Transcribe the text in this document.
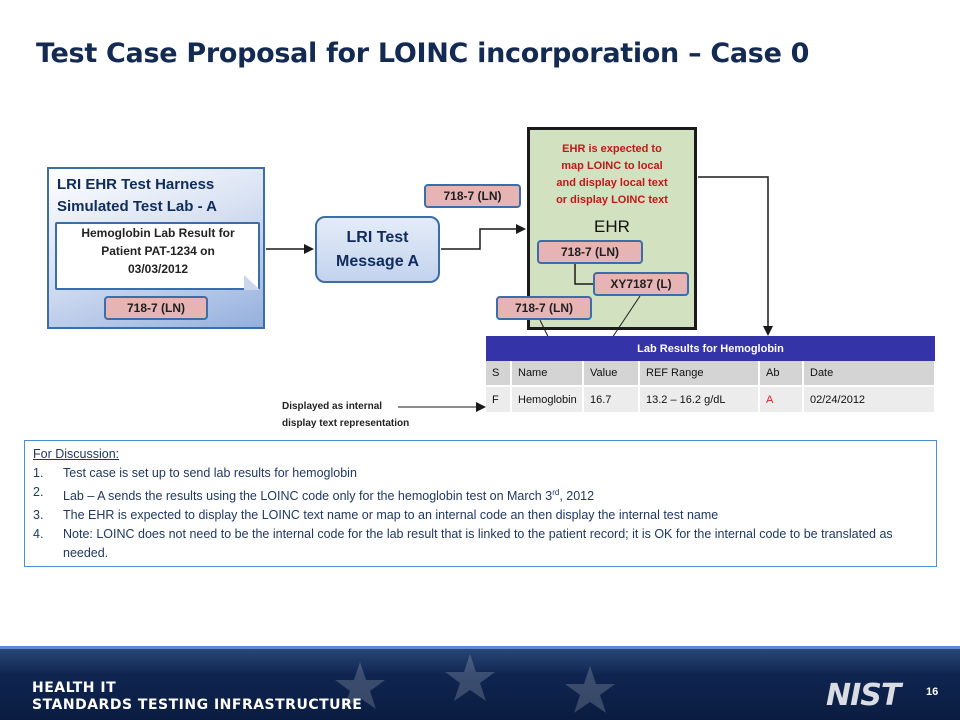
Test Case Proposal for LOINC incorporation – Case 0
LRI EHR Test Harness
Simulated Test Lab - A
Hemoglobin Lab Result for
Patient PAT-1234 on
03/03/2012
718-7 (LN)
718-7 (LN)
LRI Test
Message A
EHR is expected to
map LOINC to local
and display local text
or display LOINC text
EHR
718-7 (LN)
XY7187 (L)
718-7 (LN)
Lab Results for Hemoglobin					
S	Name	Value	REF Range	Ab	Date
F	Hemoglobin	16.7	13.2 – 16.2 g/dL	A	02/24/2012
Displayed as internal
display text representation
For Discussion:
1.	Test case is set up to send lab results for hemoglobin
2.	Lab – A sends the results using the LOINC code only for the hemoglobin test on March 3rd, 2012
3.	The EHR is expected to display the LOINC text name or map to an internal code an then display the internal test name
4.	Note: LOINC does not need to be the internal code for the lab result that is linked to the patient record; it is OK for the internal code to be translated as needed.
HEALTH IT
STANDARDS TESTING INFRASTRUCTURE	NIST 16
